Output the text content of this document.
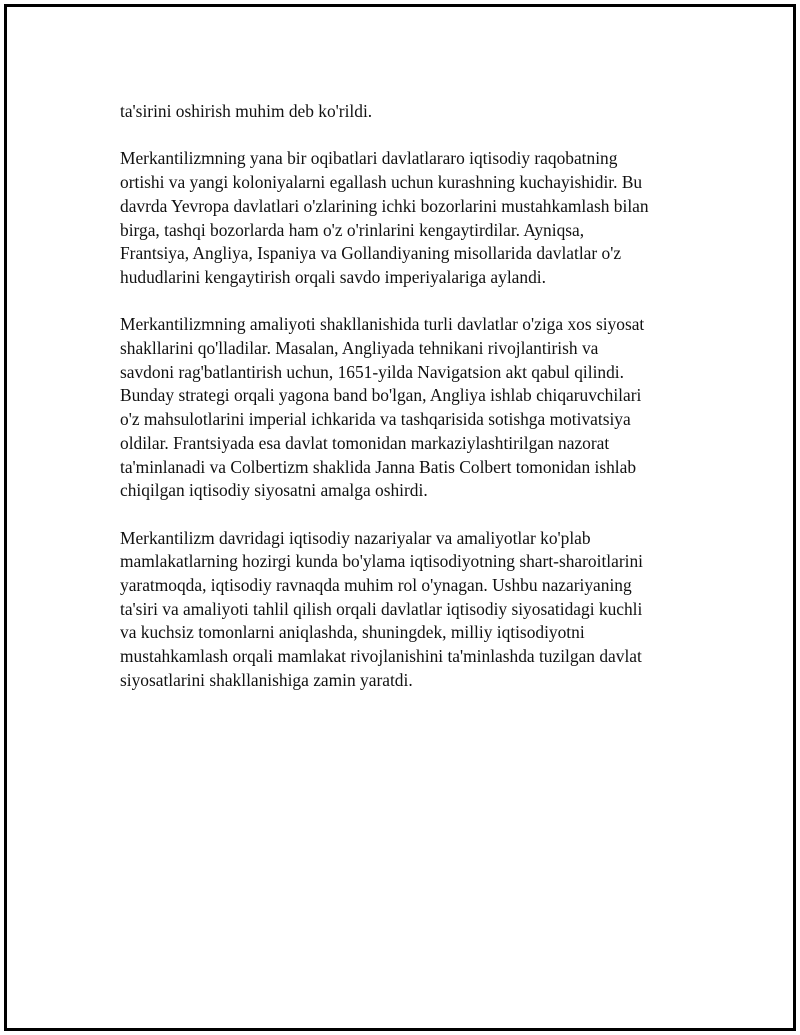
ta'sirini oshirish muhim deb ko'rildi.

Merkantilizmning yana bir oqibatlari davlatlararo iqtisodiy raqobatning
ortishi va yangi koloniyalarni egallash uchun kurashning kuchayishidir. Bu
davrda Yevropa davlatlari o'zlarining ichki bozorlarini mustahkamlash bilan
birga, tashqi bozorlarda ham o'z o'rinlarini kengaytirdilar. Ayniqsa,
Frantsiya, Angliya, Ispaniya va Gollandiyaning misollarida davlatlar o'z
hududlarini kengaytirish orqali savdo imperiyalariga aylandi.

Merkantilizmning amaliyoti shakllanishida turli davlatlar o'ziga xos siyosat
shakllarini qo'lladilar. Masalan, Angliyada tehnikani rivojlantirish va
savdoni rag'batlantirish uchun, 1651-yilda Navigatsion akt qabul qilindi.
Bunday strategi orqali yagona band bo'lgan, Angliya ishlab chiqaruvchilari
o'z mahsulotlarini imperial ichkarida va tashqarisida sotishga motivatsiya
oldilar. Frantsiyada esa davlat tomonidan markaziylashtirilgan nazorat
ta'minlanadi va Colbertizm shaklida Janna Batis Colbert tomonidan ishlab
chiqilgan iqtisodiy siyosatni amalga oshirdi.

Merkantilizm davridagi iqtisodiy nazariyalar va amaliyotlar ko'plab
mamlakatlarning hozirgi kunda bo'ylama iqtisodiyotning shart-sharoitlarini
yaratmoqda, iqtisodiy ravnaqda muhim rol o'ynagan. Ushbu nazariyaning
ta'siri va amaliyoti tahlil qilish orqali davlatlar iqtisodiy siyosatidagi kuchli
va kuchsiz tomonlarni aniqlashda, shuningdek, milliy iqtisodiyotni
mustahkamlash orqali mamlakat rivojlanishini ta'minlashda tuzilgan davlat
siyosatlarini shakllanishiga zamin yaratdi.
